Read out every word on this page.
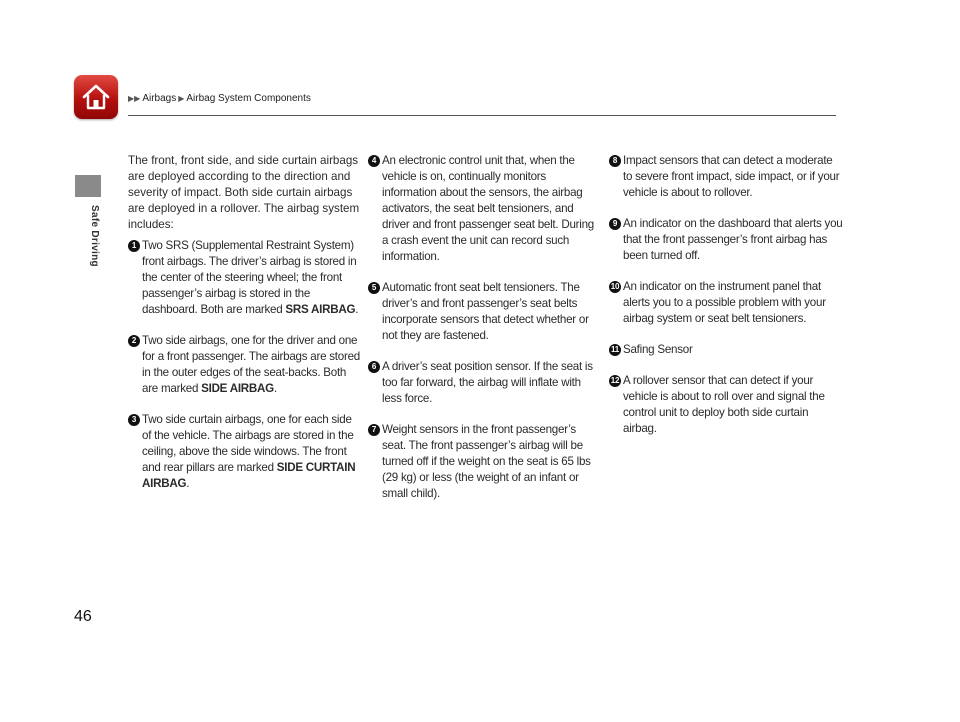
▶▶ Airbags ▶ Airbag System Components
Safe Driving

The front, front side, and side curtain airbags are deployed according to the direction and severity of impact. Both side curtain airbags are deployed in a rollover. The airbag system includes:

1 Two SRS (Supplemental Restraint System) front airbags. The driver’s airbag is stored in the center of the steering wheel; the front passenger’s airbag is stored in the dashboard. Both are marked SRS AIRBAG.
2 Two side airbags, one for the driver and one for a front passenger. The airbags are stored in the outer edges of the seat-backs. Both are marked SIDE AIRBAG.
3 Two side curtain airbags, one for each side of the vehicle. The airbags are stored in the ceiling, above the side windows. The front and rear pillars are marked SIDE CURTAIN AIRBAG.
4 An electronic control unit that, when the vehicle is on, continually monitors information about the sensors, the airbag activators, the seat belt tensioners, and driver and front passenger seat belt. During a crash event the unit can record such information.
5 Automatic front seat belt tensioners. The driver’s and front passenger’s seat belts incorporate sensors that detect whether or not they are fastened.
6 A driver’s seat position sensor. If the seat is too far forward, the airbag will inflate with less force.
7 Weight sensors in the front passenger’s seat. The front passenger’s airbag will be turned off if the weight on the seat is 65 lbs (29 kg) or less (the weight of an infant or small child).
8 Impact sensors that can detect a moderate to severe front impact, side impact, or if your vehicle is about to rollover.
9 An indicator on the dashboard that alerts you that the front passenger’s front airbag has been turned off.
10 An indicator on the instrument panel that alerts you to a possible problem with your airbag system or seat belt tensioners.
11 Safing Sensor
12 A rollover sensor that can detect if your vehicle is about to roll over and signal the control unit to deploy both side curtain airbag.
46
